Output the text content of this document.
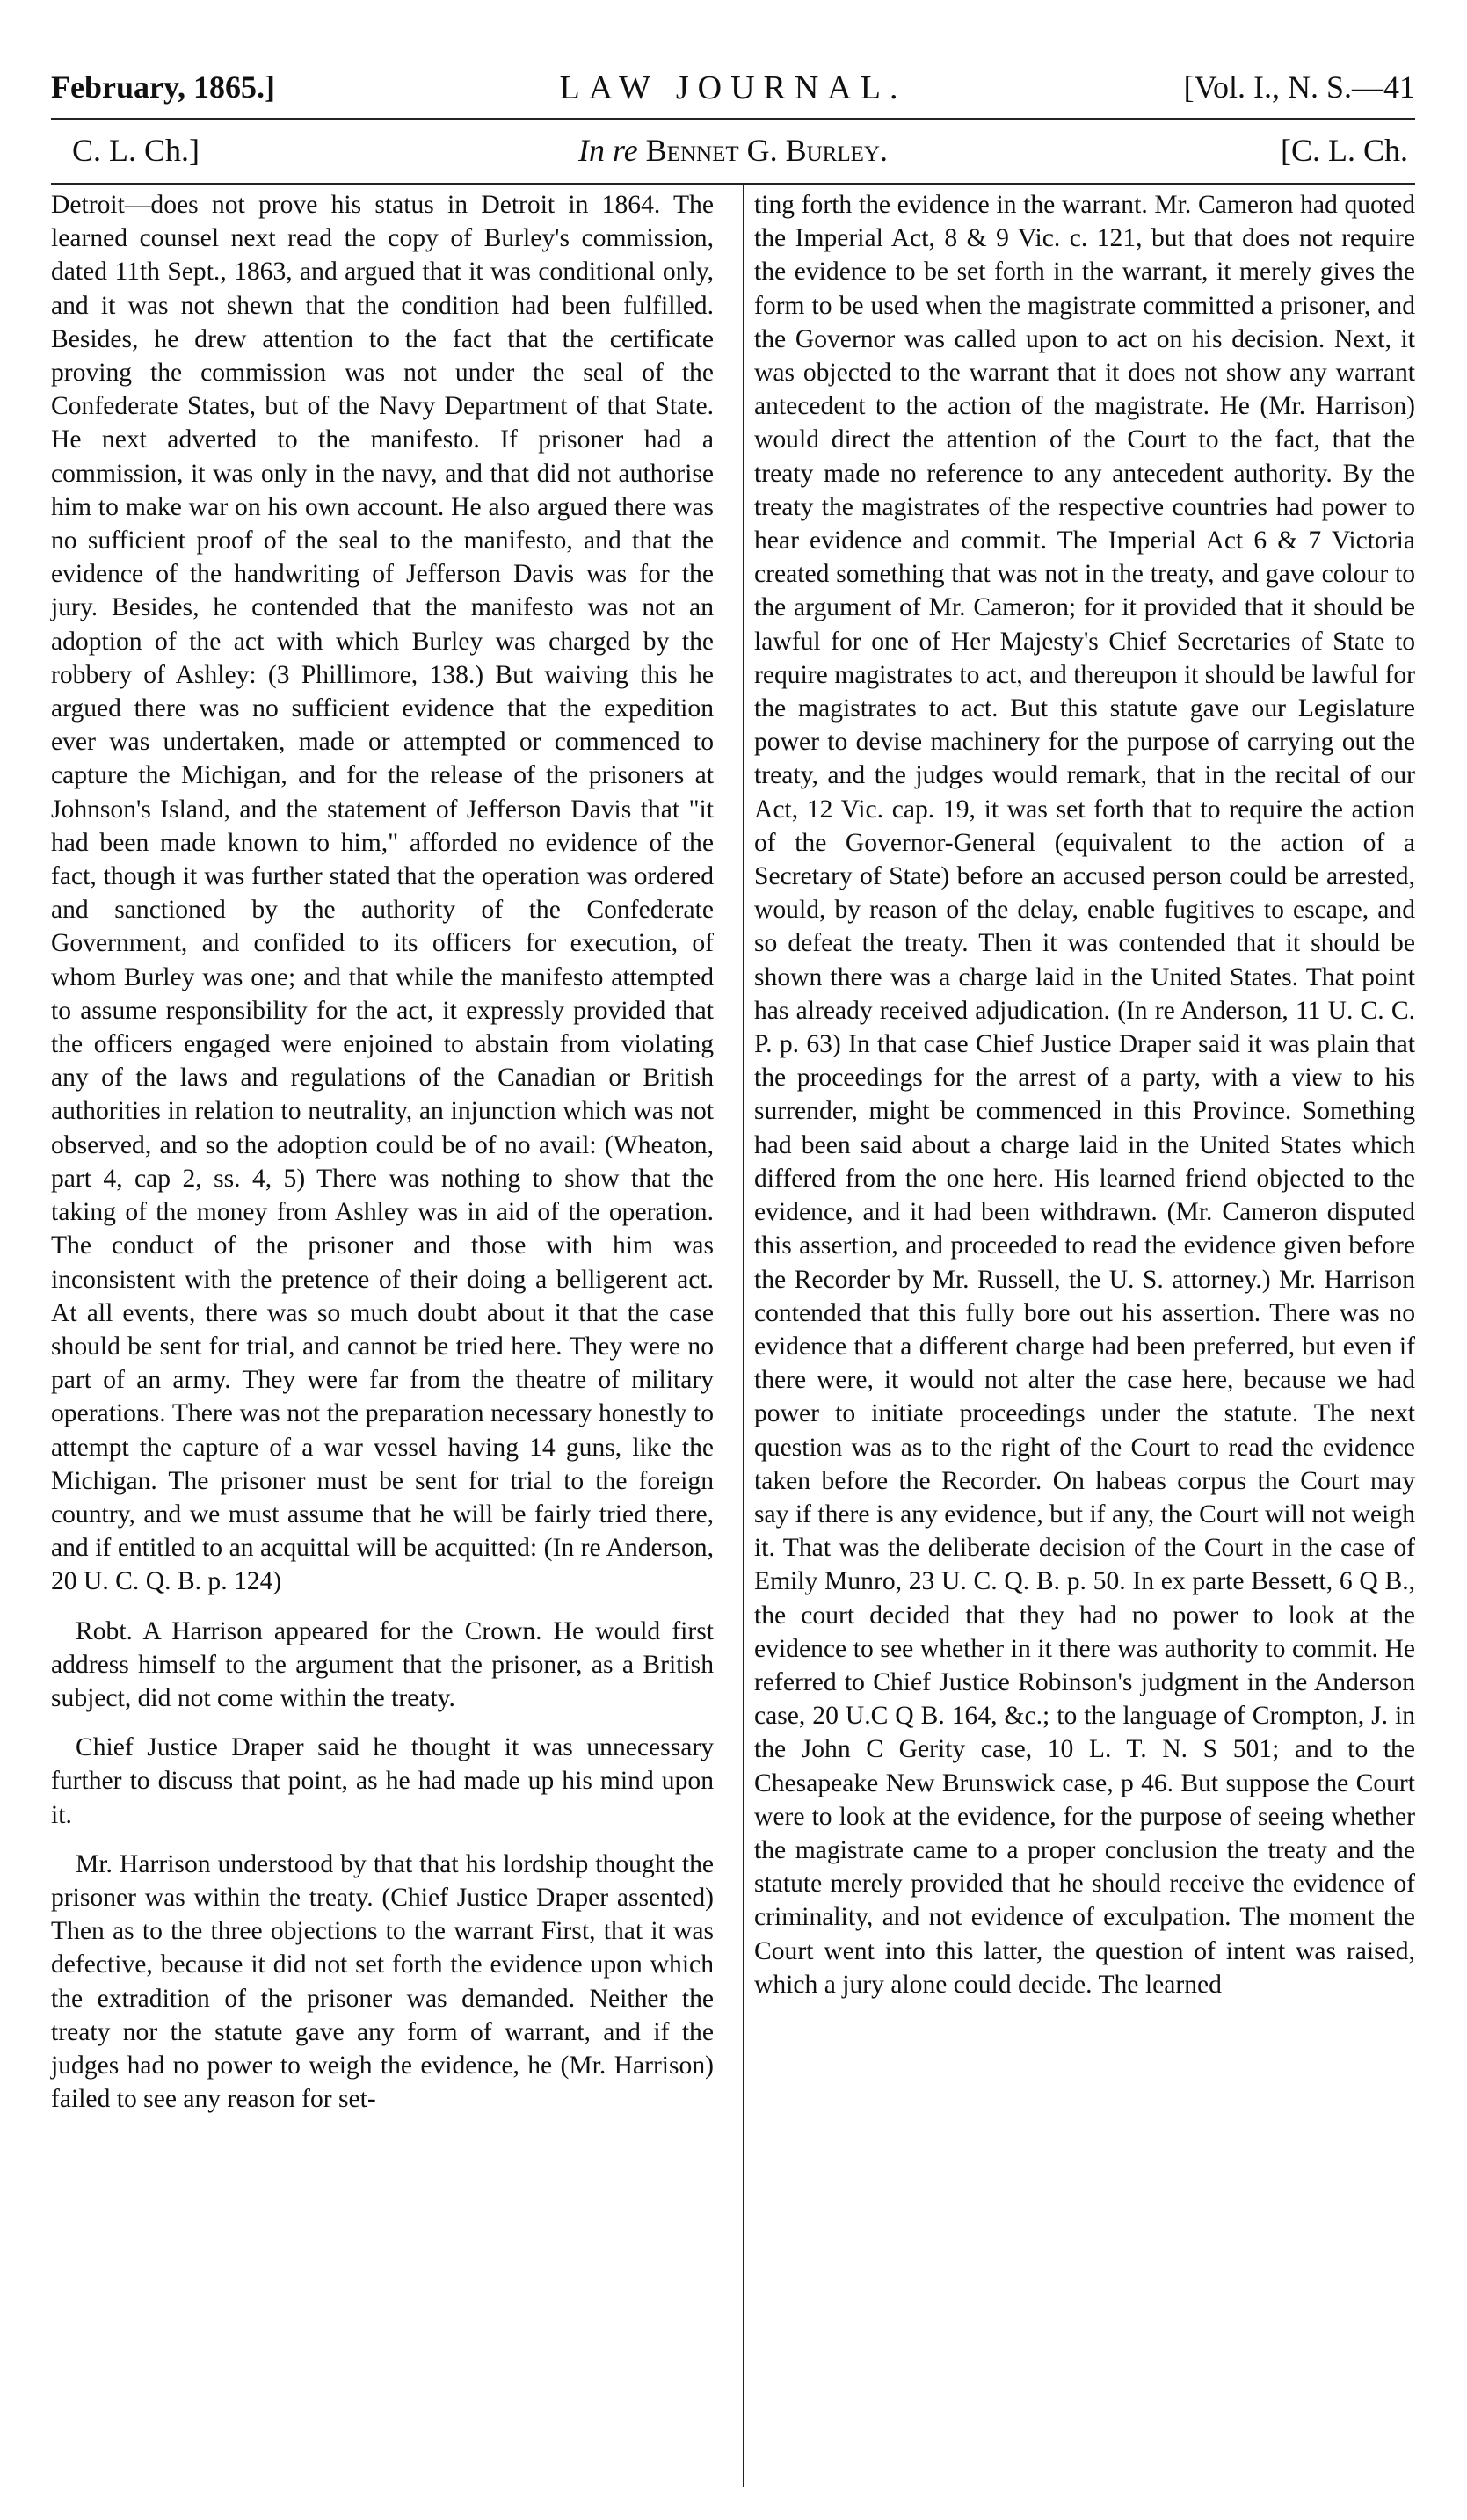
February, 1865.]	LAW JOURNAL.	[Vol. I., N. S.—41
C. L. Ch.]	In re Bennet G. Burley.	[C. L. Ch.

Detroit—does not prove his status in Detroit in 1864. The learned counsel next read the copy of Burley's commission, dated 11th Sept., 1863, and argued that it was conditional only, and it was not shewn that the condition had been fulfilled. Besides, he drew attention to the fact that the certificate proving the commission was not under the seal of the Confederate States, but of the Navy Department of that State. He next adverted to the manifesto. If prisoner had a commission, it was only in the navy, and that did not authorise him to make war on his own account. He also argued there was no sufficient proof of the seal to the manifesto, and that the evidence of the handwriting of Jefferson Davis was for the jury. Besides, he contended that the manifesto was not an adoption of the act with which Burley was charged by the robbery of Ashley: (3 Phillimore, 138.) But waiving this he argued there was no sufficient evidence that the expedition ever was undertaken, made or attempted or commenced to capture the Michigan, and for the release of the prisoners at Johnson's Island, and the statement of Jefferson Davis that "it had been made known to him," afforded no evidence of the fact, though it was further stated that the operation was ordered and sanctioned by the authority of the Confederate Government, and confided to its officers for execution, of whom Burley was one; and that while the manifesto attempted to assume responsibility for the act, it expressly provided that the officers engaged were enjoined to abstain from violating any of the laws and regulations of the Canadian or British authorities in relation to neutrality, an injunction which was not observed, and so the adoption could be of no avail: (Wheaton, part 4, cap 2, ss. 4, 5) There was nothing to show that the taking of the money from Ashley was in aid of the operation. The conduct of the prisoner and those with him was inconsistent with the pretence of their doing a belligerent act. At all events, there was so much doubt about it that the case should be sent for trial, and cannot be tried here. They were no part of an army. They were far from the theatre of military operations. There was not the preparation necessary honestly to attempt the capture of a war vessel having 14 guns, like the Michigan. The prisoner must be sent for trial to the foreign country, and we must assume that he will be fairly tried there, and if entitled to an acquittal will be acquitted: (In re Anderson, 20 U. C. Q. B. p. 124)

Robt. A Harrison appeared for the Crown. He would first address himself to the argument that the prisoner, as a British subject, did not come within the treaty.

Chief Justice Draper said he thought it was unnecessary further to discuss that point, as he had made up his mind upon it.

Mr. Harrison understood by that that his lordship thought the prisoner was within the treaty. (Chief Justice Draper assented) Then as to the three objections to the warrant First, that it was defective, because it did not set forth the evidence upon which the extradition of the prisoner was demanded. Neither the treaty nor the statute gave any form of warrant, and if the judges had no power to weigh the evidence, he (Mr. Harrison) failed to see any reason for set-

ting forth the evidence in the warrant. Mr. Cameron had quoted the Imperial Act, 8 & 9 Vic. c. 121, but that does not require the evidence to be set forth in the warrant, it merely gives the form to be used when the magistrate committed a prisoner, and the Governor was called upon to act on his decision. Next, it was objected to the warrant that it does not show any warrant antecedent to the action of the magistrate. He (Mr. Harrison) would direct the attention of the Court to the fact, that the treaty made no reference to any antecedent authority. By the treaty the magistrates of the respective countries had power to hear evidence and commit. The Imperial Act 6 & 7 Victoria created something that was not in the treaty, and gave colour to the argument of Mr. Cameron; for it provided that it should be lawful for one of Her Majesty's Chief Secretaries of State to require magistrates to act, and thereupon it should be lawful for the magistrates to act. But this statute gave our Legislature power to devise machinery for the purpose of carrying out the treaty, and the judges would remark, that in the recital of our Act, 12 Vic. cap. 19, it was set forth that to require the action of the Governor-General (equivalent to the action of a Secretary of State) before an accused person could be arrested, would, by reason of the delay, enable fugitives to escape, and so defeat the treaty. Then it was contended that it should be shown there was a charge laid in the United States. That point has already received adjudication. (In re Anderson, 11 U. C. C. P. p. 63) In that case Chief Justice Draper said it was plain that the proceedings for the arrest of a party, with a view to his surrender, might be commenced in this Province. Something had been said about a charge laid in the United States which differed from the one here. His learned friend objected to the evidence, and it had been withdrawn. (Mr. Cameron disputed this assertion, and proceeded to read the evidence given before the Recorder by Mr. Russell, the U. S. attorney.) Mr. Harrison contended that this fully bore out his assertion. There was no evidence that a different charge had been preferred, but even if there were, it would not alter the case here, because we had power to initiate proceedings under the statute. The next question was as to the right of the Court to read the evidence taken before the Recorder. On habeas corpus the Court may say if there is any evidence, but if any, the Court will not weigh it. That was the deliberate decision of the Court in the case of Emily Munro, 23 U. C. Q. B. p. 50. In ex parte Bessett, 6 Q B., the court decided that they had no power to look at the evidence to see whether in it there was authority to commit. He referred to Chief Justice Robinson's judgment in the Anderson case, 20 U.C Q B. 164, &c.; to the language of Crompton, J. in the John C Gerity case, 10 L. T. N. S 501; and to the Chesapeake New Brunswick case, p 46. But suppose the Court were to look at the evidence, for the purpose of seeing whether the magistrate came to a proper conclusion the treaty and the statute merely provided that he should receive the evidence of criminality, and not evidence of exculpation. The moment the Court went into this latter, the question of intent was raised, which a jury alone could decide. The learned
